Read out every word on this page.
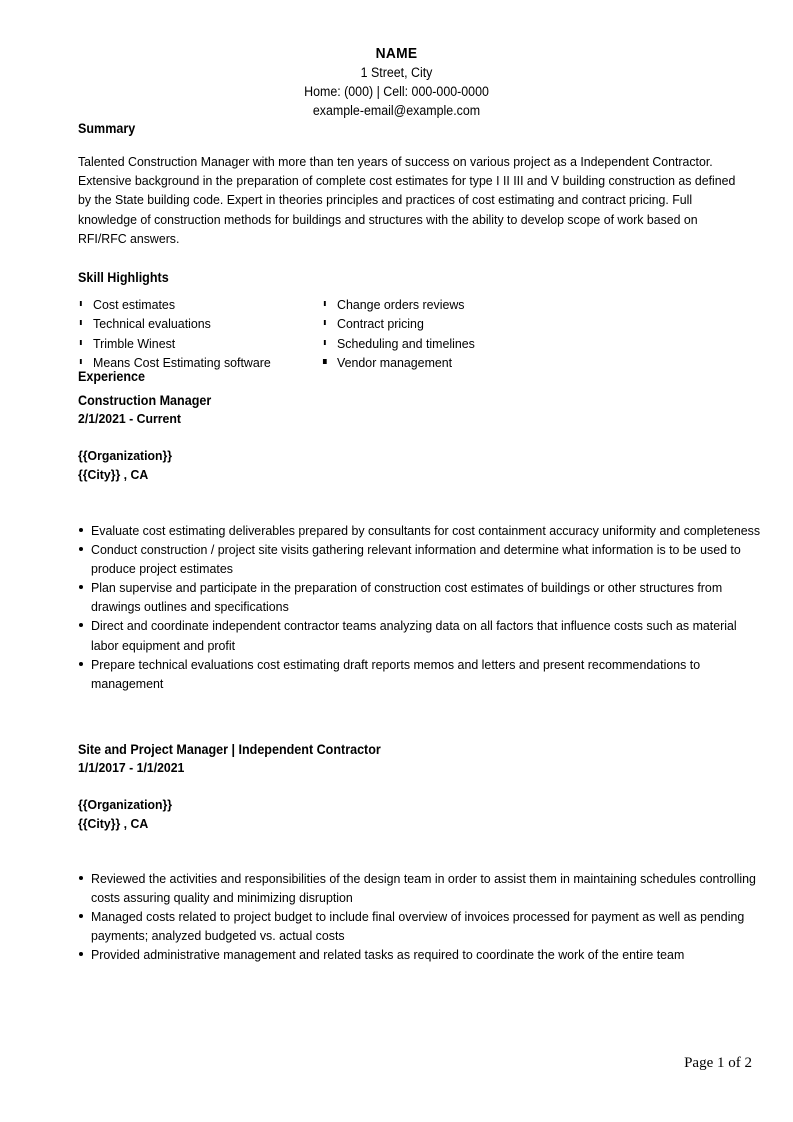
NAME
1 Street, City
Home: (000) | Cell: 000-000-0000
example-email@example.com
Summary
Talented Construction Manager with more than ten years of success on various project as a Independent Contractor. Extensive background in the preparation of complete cost estimates for type I II III and V building construction as defined by the State building code. Expert in theories principles and practices of cost estimating and contract pricing. Full knowledge of construction methods for buildings and structures with the ability to develop scope of work based on RFI/RFC answers.
Skill Highlights
Cost estimates
Technical evaluations
Trimble Winest
Means Cost Estimating software
Change orders reviews
Contract pricing
Scheduling and timelines
Vendor management
Experience
Construction Manager
2/1/2021 - Current
{{Organization}}
{{City}} , CA
Evaluate cost estimating deliverables prepared by consultants for cost containment accuracy uniformity and completeness
Conduct construction / project site visits gathering relevant information and determine what information is to be used to produce project estimates
Plan supervise and participate in the preparation of construction cost estimates of buildings or other structures from drawings outlines and specifications
Direct and coordinate independent contractor teams analyzing data on all factors that influence costs such as material labor equipment and profit
Prepare technical evaluations cost estimating draft reports memos and letters and present recommendations to management
Site and Project Manager | Independent Contractor
1/1/2017 - 1/1/2021
{{Organization}}
{{City}} , CA
Reviewed the activities and responsibilities of the design team in order to assist them in maintaining schedules controlling costs assuring quality and minimizing disruption
Managed costs related to project budget to include final overview of invoices processed for payment as well as pending payments; analyzed budgeted vs. actual costs
Provided administrative management and related tasks as required to coordinate the work of the entire team
Page 1 of 2
